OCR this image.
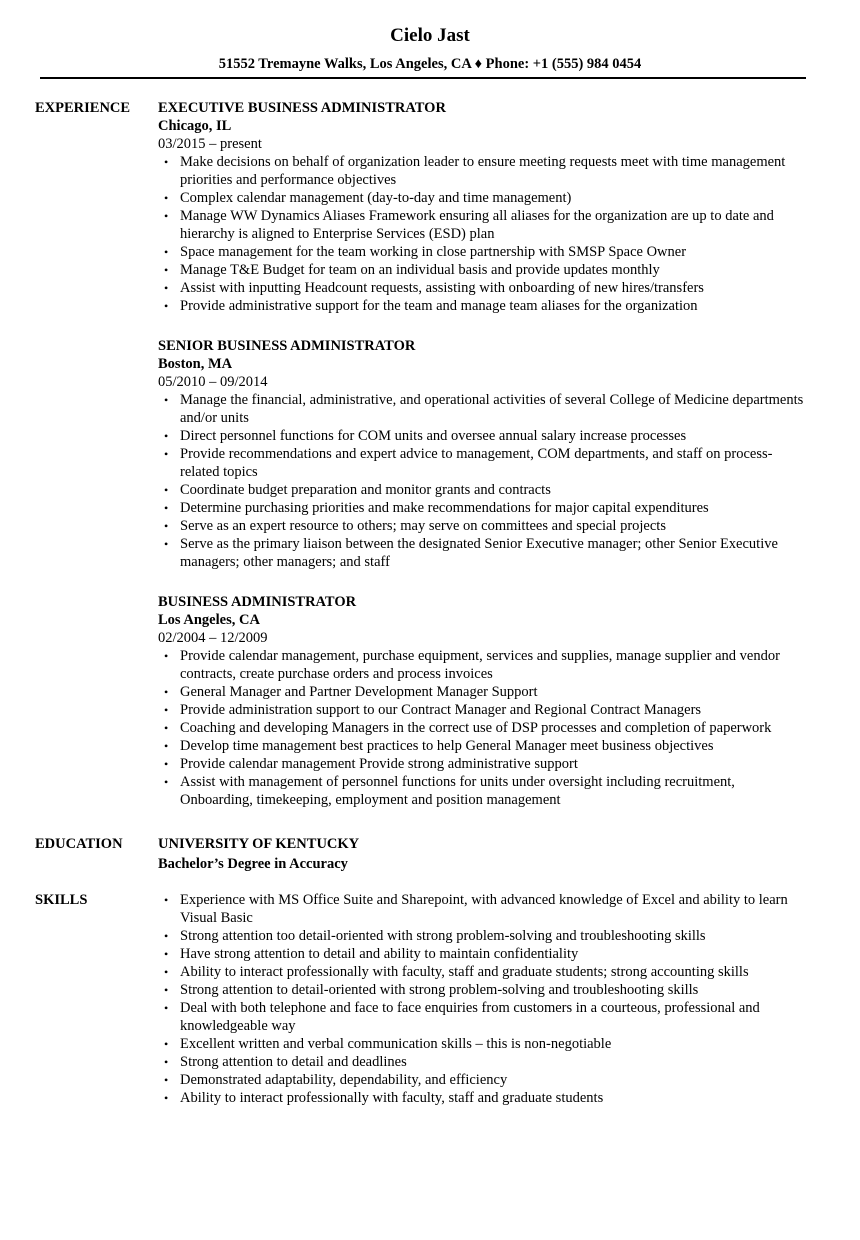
Cielo Jast
51552 Tremayne Walks, Los Angeles, CA ♦ Phone: +1 (555) 984 0454
EXPERIENCE EXECUTIVE BUSINESS ADMINISTRATOR
Chicago, IL
03/2015 – present
• Make decisions on behalf of organization leader to ensure meeting requests meet with time management priorities and performance objectives
• Complex calendar management (day-to-day and time management)
• Manage WW Dynamics Aliases Framework ensuring all aliases for the organization are up to date and hierarchy is aligned to Enterprise Services (ESD) plan
• Space management for the team working in close partnership with SMSP Space Owner
• Manage T&E Budget for team on an individual basis and provide updates monthly
• Assist with inputting Headcount requests, assisting with onboarding of new hires/transfers
• Provide administrative support for the team and manage team aliases for the organization
SENIOR BUSINESS ADMINISTRATOR
Boston, MA
05/2010 – 09/2014
• Manage the financial, administrative, and operational activities of several College of Medicine departments and/or units
• Direct personnel functions for COM units and oversee annual salary increase processes
• Provide recommendations and expert advice to management, COM departments, and staff on process-related topics
• Coordinate budget preparation and monitor grants and contracts
• Determine purchasing priorities and make recommendations for major capital expenditures
• Serve as an expert resource to others; may serve on committees and special projects
• Serve as the primary liaison between the designated Senior Executive manager; other Senior Executive managers; other managers; and staff
BUSINESS ADMINISTRATOR
Los Angeles, CA
02/2004 – 12/2009
• Provide calendar management, purchase equipment, services and supplies, manage supplier and vendor contracts, create purchase orders and process invoices
• General Manager and Partner Development Manager Support
• Provide administration support to our Contract Manager and Regional Contract Managers
• Coaching and developing Managers in the correct use of DSP processes and completion of paperwork
• Develop time management best practices to help General Manager meet business objectives
• Provide calendar management Provide strong administrative support
• Assist with management of personnel functions for units under oversight including recruitment, Onboarding, timekeeping, employment and position management
EDUCATION UNIVERSITY OF KENTUCKY
Bachelor’s Degree in Accuracy
SKILLS	• Experience with MS Office Suite and Sharepoint, with advanced knowledge of Excel and ability to learn Visual Basic
• Strong attention too detail-oriented with strong problem-solving and troubleshooting skills
• Have strong attention to detail and ability to maintain confidentiality
• Ability to interact professionally with faculty, staff and graduate students; strong accounting skills
• Strong attention to detail-oriented with strong problem-solving and troubleshooting skills
• Deal with both telephone and face to face enquiries from customers in a courteous, professional and knowledgeable way
• Excellent written and verbal communication skills – this is non-negotiable
• Strong attention to detail and deadlines
• Demonstrated adaptability, dependability, and efficiency
• Ability to interact professionally with faculty, staff and graduate students
